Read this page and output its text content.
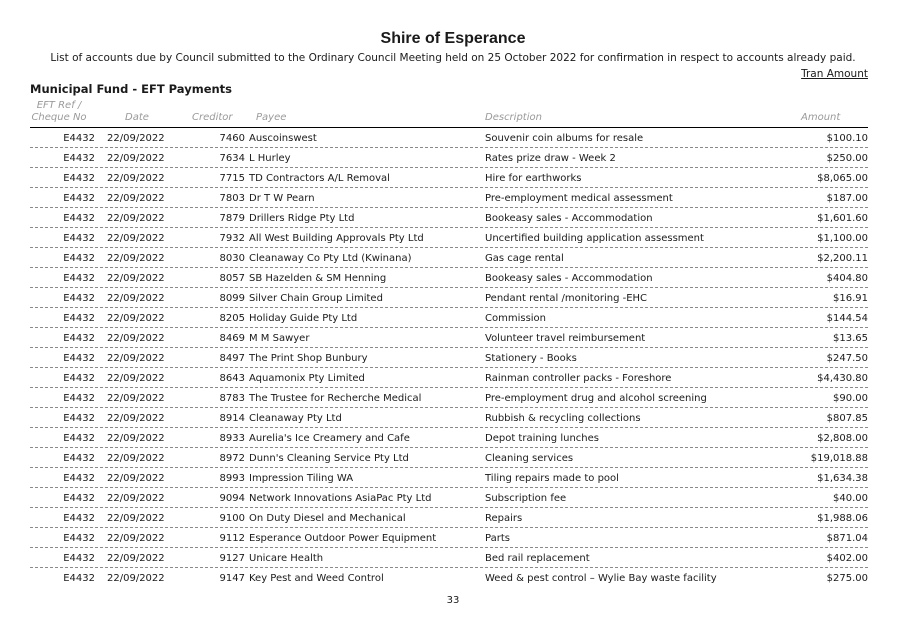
Shire of Esperance
List of accounts due by Council submitted to the Ordinary Council Meeting held on 25 October 2022 for confirmation in respect to accounts already paid.
Tran Amount
Municipal Fund - EFT Payments
EFT Ref /
Cheque No	Date	Creditor Payee	Description	Amount
E4432 22/09/2022	7460 Auscoinswest	Souvenir coin albums for resale	$100.10
E4432 22/09/2022	7634 L Hurley	Rates prize draw - Week 2	$250.00
E4432 22/09/2022	7715 TD Contractors A/L Removal	Hire for earthworks	$8,065.00
E4432 22/09/2022	7803 Dr T W Pearn	Pre-employment medical assessment	$187.00
E4432 22/09/2022	7879 Drillers Ridge Pty Ltd	Bookeasy sales - Accommodation	$1,601.60
E4432 22/09/2022	7932 All West Building Approvals Pty Ltd	Uncertified building application assessment	$1,100.00
E4432 22/09/2022	8030 Cleanaway Co Pty Ltd (Kwinana)	Gas cage rental	$2,200.11
E4432 22/09/2022	8057 SB Hazelden & SM Henning	Bookeasy sales - Accommodation	$404.80
E4432 22/09/2022	8099 Silver Chain Group Limited	Pendant rental /monitoring -EHC	$16.91
E4432 22/09/2022	8205 Holiday Guide Pty Ltd	Commission	$144.54
E4432 22/09/2022	8469 M M Sawyer	Volunteer travel reimbursement	$13.65
E4432 22/09/2022	8497 The Print Shop Bunbury	Stationery - Books	$247.50
E4432 22/09/2022	8643 Aquamonix Pty Limited	Rainman controller packs - Foreshore	$4,430.80
E4432 22/09/2022	8783 The Trustee for Recherche Medical	Pre-employment drug and alcohol screening	$90.00
E4432 22/09/2022	8914 Cleanaway Pty Ltd	Rubbish & recycling collections	$807.85
E4432 22/09/2022	8933 Aurelia's Ice Creamery and Cafe	Depot training lunches	$2,808.00
E4432 22/09/2022	8972 Dunn's Cleaning Service Pty Ltd	Cleaning services	$19,018.88
E4432 22/09/2022	8993 Impression Tiling WA	Tiling repairs made to pool	$1,634.38
E4432 22/09/2022	9094 Network Innovations AsiaPac Pty Ltd	Subscription fee	$40.00
E4432 22/09/2022	9100 On Duty Diesel and Mechanical	Repairs	$1,988.06
E4432 22/09/2022	9112 Esperance Outdoor Power Equipment	Parts	$871.04
E4432 22/09/2022	9127 Unicare Health	Bed rail replacement	$402.00
E4432 22/09/2022	9147 Key Pest and Weed Control	Weed & pest control – Wylie Bay waste facility	$275.00
33
